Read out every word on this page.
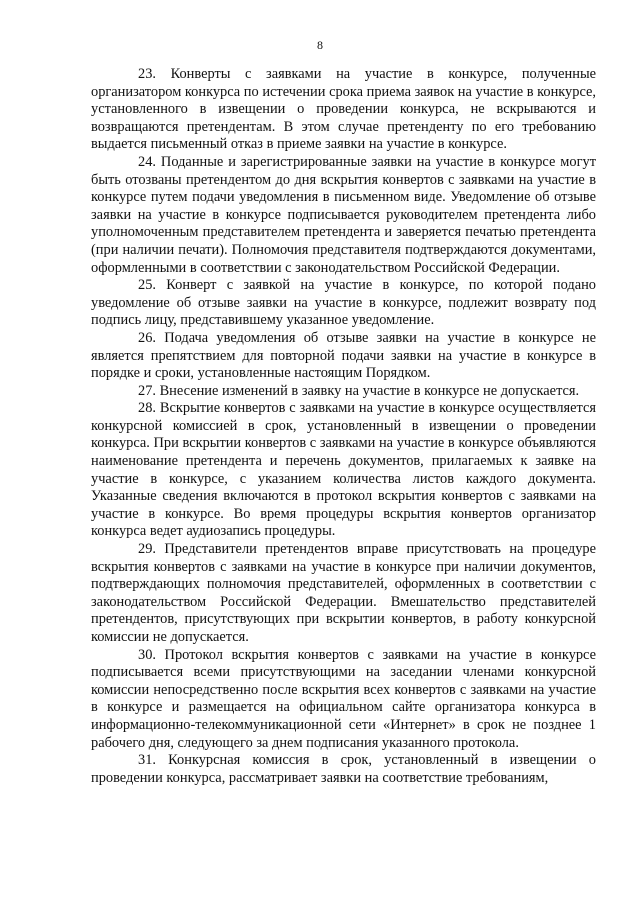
8

23. Конверты с заявками на участие в конкурсе, полученные организатором конкурса по истечении срока приема заявок на участие в конкурсе, установленного в извещении о проведении конкурса, не вскрываются и возвращаются претендентам. В этом случае претенденту по его требованию выдается письменный отказ в приеме заявки на участие в конкурсе.

24. Поданные и зарегистрированные заявки на участие в конкурсе могут быть отозваны претендентом до дня вскрытия конвертов с заявками на участие в конкурсе путем подачи уведомления в письменном виде. Уведомление об отзыве заявки на участие в конкурсе подписывается руководителем претендента либо уполномоченным представителем претендента и заверяется печатью претендента (при наличии печати). Полномочия представителя подтверждаются документами, оформленными в соответствии с законодательством Российской Федерации.

25. Конверт с заявкой на участие в конкурсе, по которой подано уведомление об отзыве заявки на участие в конкурсе, подлежит возврату под подпись лицу, представившему указанное уведомление.

26. Подача уведомления об отзыве заявки на участие в конкурсе не является препятствием для повторной подачи заявки на участие в конкурсе в порядке и сроки, установленные настоящим Порядком.

27. Внесение изменений в заявку на участие в конкурсе не допускается.

28. Вскрытие конвертов с заявками на участие в конкурсе осуществляется конкурсной комиссией в срок, установленный в извещении о проведении конкурса. При вскрытии конвертов с заявками на участие в конкурсе объявляются наименование претендента и перечень документов, прилагаемых к заявке на участие в конкурсе, с указанием количества листов каждого документа. Указанные сведения включаются в протокол вскрытия конвертов с заявками на участие в конкурсе. Во время процедуры вскрытия конвертов организатор конкурса ведет аудиозапись процедуры.

29. Представители претендентов вправе присутствовать на процедуре вскрытия конвертов с заявками на участие в конкурсе при наличии документов, подтверждающих полномочия представителей, оформленных в соответствии с законодательством Российской Федерации. Вмешательство представителей претендентов, присутствующих при вскрытии конвертов, в работу конкурсной комиссии не допускается.

30. Протокол вскрытия конвертов с заявками на участие в конкурсе подписывается всеми присутствующими на заседании членами конкурсной комиссии непосредственно после вскрытия всех конвертов с заявками на участие в конкурсе и размещается на официальном сайте организатора конкурса в информационно-телекоммуникационной сети «Интернет» в срок не позднее 1 рабочего дня, следующего за днем подписания указанного протокола.

31. Конкурсная комиссия в срок, установленный в извещении о проведении конкурса, рассматривает заявки на соответствие требованиям,
